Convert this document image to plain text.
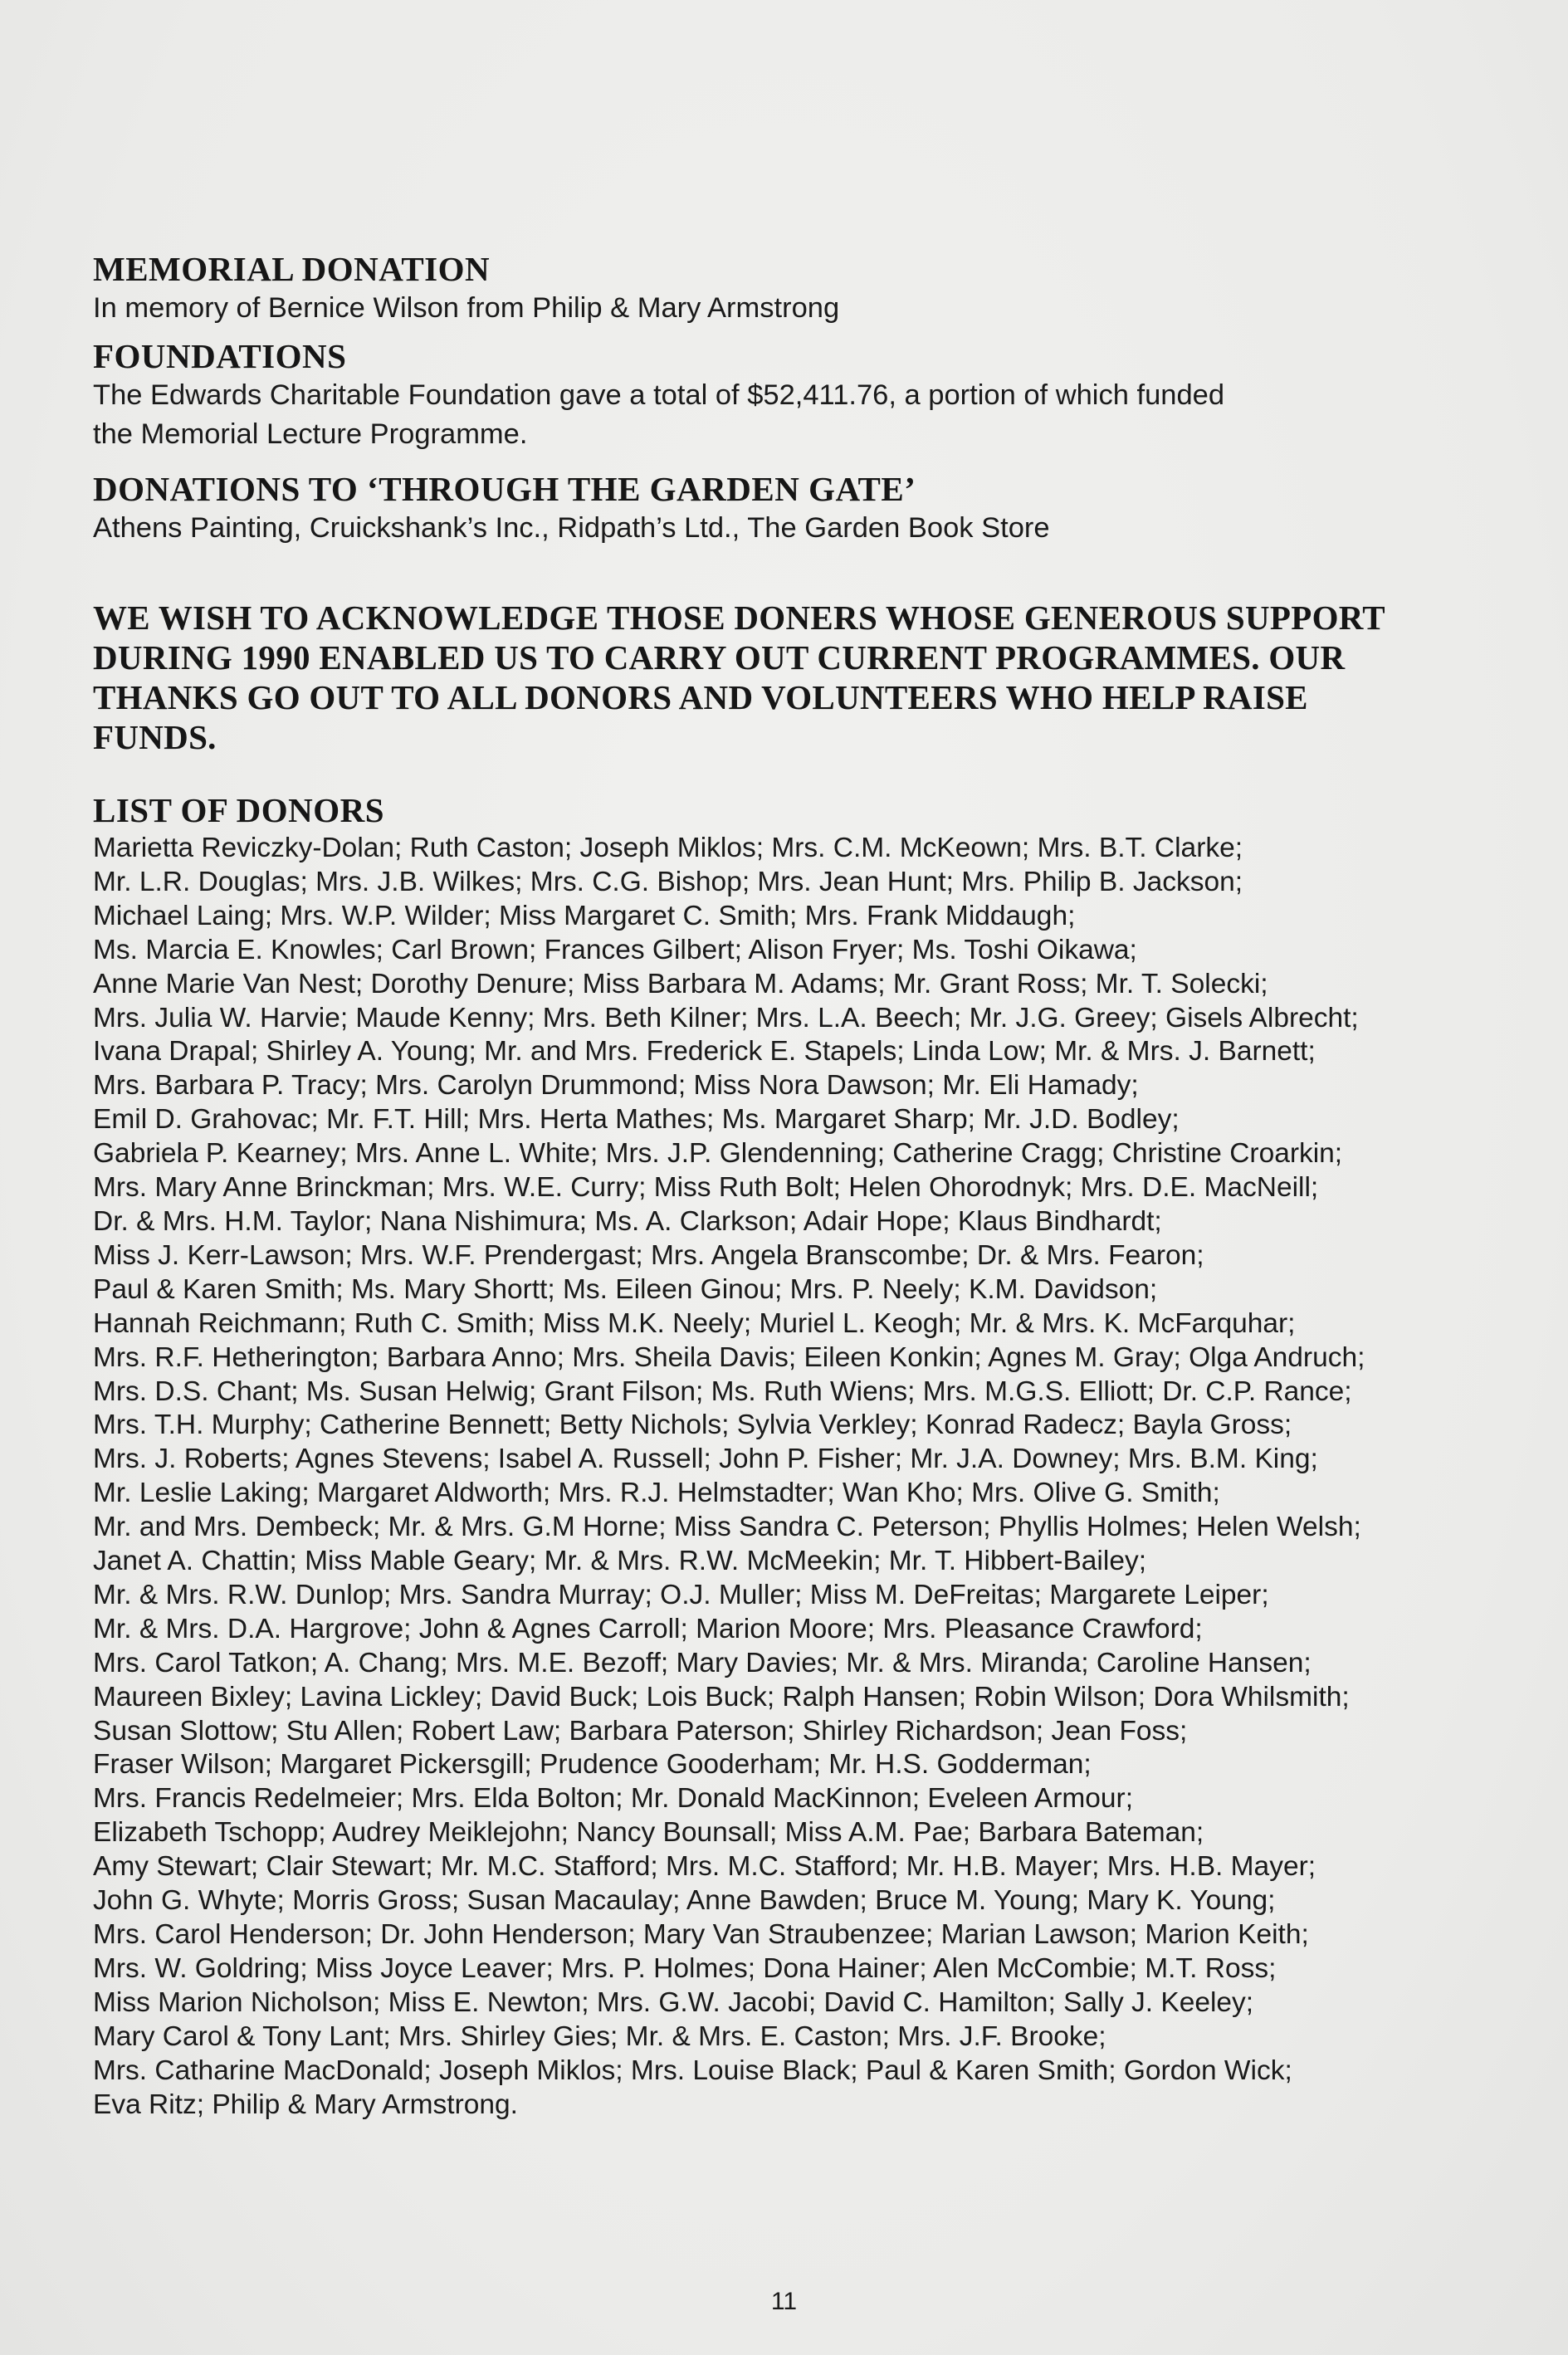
MEMORIAL DONATION

In memory of Bernice Wilson from Philip & Mary Armstrong

FOUNDATIONS

The Edwards Charitable Foundation gave a total of $52,411.76, a portion of which funded

the Memorial Lecture Programme.

DONATIONS TO ‘THROUGH THE GARDEN GATE’

Athens Painting, Cruickshank’s Inc., Ridpath’s Ltd., The Garden Book Store

WE WISH TO ACKNOWLEDGE THOSE DONERS WHOSE GENEROUS SUPPORT
DURING 1990 ENABLED US TO CARRY OUT CURRENT PROGRAMMES. OUR
THANKS GO OUT TO ALL DONORS AND VOLUNTEERS WHO HELP RAISE
FUNDS.
LIST OF DONORS
Marietta Reviczky-Dolan; Ruth Caston; Joseph Miklos; Mrs. C.M. McKeown; Mrs. B.T. Clarke;
Mr. L.R. Douglas; Mrs. J.B. Wilkes; Mrs. C.G. Bishop; Mrs. Jean Hunt; Mrs. Philip B. Jackson;
Michael Laing; Mrs. W.P. Wilder; Miss Margaret C. Smith; Mrs. Frank Middaugh;
Ms. Marcia E. Knowles; Carl Brown; Frances Gilbert; Alison Fryer; Ms. Toshi Oikawa;
Anne Marie Van Nest; Dorothy Denure; Miss Barbara M. Adams; Mr. Grant Ross; Mr. T. Solecki;
Mrs. Julia W. Harvie; Maude Kenny; Mrs. Beth Kilner; Mrs. L.A. Beech; Mr. J.G. Greey; Gisels Albrecht;
Ivana Drapal; Shirley A. Young; Mr. and Mrs. Frederick E. Stapels; Linda Low; Mr. & Mrs. J. Barnett;
Mrs. Barbara P. Tracy; Mrs. Carolyn Drummond; Miss Nora Dawson; Mr. Eli Hamady;
Emil D. Grahovac; Mr. F.T. Hill; Mrs. Herta Mathes; Ms. Margaret Sharp; Mr. J.D. Bodley;
Gabriela P. Kearney; Mrs. Anne L. White; Mrs. J.P. Glendenning; Catherine Cragg; Christine Croarkin;
Mrs. Mary Anne Brinckman; Mrs. W.E. Curry; Miss Ruth Bolt; Helen Ohorodnyk; Mrs. D.E. MacNeill;
Dr. & Mrs. H.M. Taylor; Nana Nishimura; Ms. A. Clarkson; Adair Hope; Klaus Bindhardt;
Miss J. Kerr-Lawson; Mrs. W.F. Prendergast; Mrs. Angela Branscombe; Dr. & Mrs. Fearon;
Paul & Karen Smith; Ms. Mary Shortt; Ms. Eileen Ginou; Mrs. P. Neely; K.M. Davidson;
Hannah Reichmann; Ruth C. Smith; Miss M.K. Neely; Muriel L. Keogh; Mr. & Mrs. K. McFarquhar;
Mrs. R.F. Hetherington; Barbara Anno; Mrs. Sheila Davis; Eileen Konkin; Agnes M. Gray; Olga Andruch;
Mrs. D.S. Chant; Ms. Susan Helwig; Grant Filson; Ms. Ruth Wiens; Mrs. M.G.S. Elliott; Dr. C.P. Rance;
Mrs. T.H. Murphy; Catherine Bennett; Betty Nichols; Sylvia Verkley; Konrad Radecz; Bayla Gross;
Mrs. J. Roberts; Agnes Stevens; Isabel A. Russell; John P. Fisher; Mr. J.A. Downey; Mrs. B.M. King;
Mr. Leslie Laking; Margaret Aldworth; Mrs. R.J. Helmstadter; Wan Kho; Mrs. Olive G. Smith;
Mr. and Mrs. Dembeck; Mr. & Mrs. G.M Horne; Miss Sandra C. Peterson; Phyllis Holmes; Helen Welsh;
Janet A. Chattin; Miss Mable Geary; Mr. & Mrs. R.W. McMeekin; Mr. T. Hibbert-Bailey;
Mr. & Mrs. R.W. Dunlop; Mrs. Sandra Murray; O.J. Muller; Miss M. DeFreitas; Margarete Leiper;
Mr. & Mrs. D.A. Hargrove; John & Agnes Carroll; Marion Moore; Mrs. Pleasance Crawford;
Mrs. Carol Tatkon; A. Chang; Mrs. M.E. Bezoff; Mary Davies; Mr. & Mrs. Miranda; Caroline Hansen;
Maureen Bixley; Lavina Lickley; David Buck; Lois Buck; Ralph Hansen; Robin Wilson; Dora Whilsmith;
Susan Slottow; Stu Allen; Robert Law; Barbara Paterson; Shirley Richardson; Jean Foss;
Fraser Wilson; Margaret Pickersgill; Prudence Gooderham; Mr. H.S. Godderman;
Mrs. Francis Redelmeier; Mrs. Elda Bolton; Mr. Donald MacKinnon; Eveleen Armour;
Elizabeth Tschopp; Audrey Meiklejohn; Nancy Bounsall; Miss A.M. Pae; Barbara Bateman;
Amy Stewart; Clair Stewart; Mr. M.C. Stafford; Mrs. M.C. Stafford; Mr. H.B. Mayer; Mrs. H.B. Mayer;
John G. Whyte; Morris Gross; Susan Macaulay; Anne Bawden; Bruce M. Young; Mary K. Young;
Mrs. Carol Henderson; Dr. John Henderson; Mary Van Straubenzee; Marian Lawson; Marion Keith;
Mrs. W. Goldring; Miss Joyce Leaver; Mrs. P. Holmes; Dona Hainer; Alen McCombie; M.T. Ross;
Miss Marion Nicholson; Miss E. Newton; Mrs. G.W. Jacobi; David C. Hamilton; Sally J. Keeley;
Mary Carol & Tony Lant; Mrs. Shirley Gies; Mr. & Mrs. E. Caston; Mrs. J.F. Brooke;
Mrs. Catharine MacDonald; Joseph Miklos; Mrs. Louise Black; Paul & Karen Smith; Gordon Wick;
Eva Ritz; Philip & Mary Armstrong.
11
